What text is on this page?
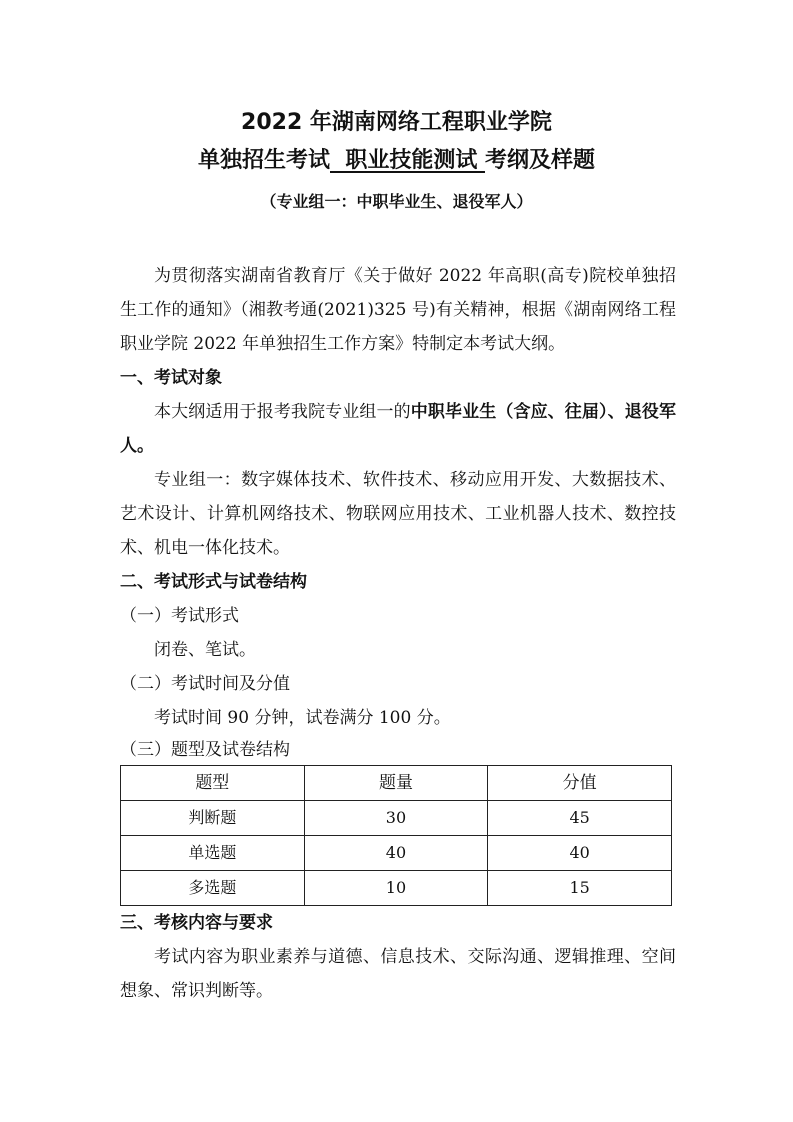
2022 年湖南网络工程职业学院
单独招生考试  职业技能测试 考纲及样题
（专业组一：中职毕业生、退役军人）

为贯彻落实湖南省教育厅《关于做好 2022 年高职(高专)院校单独招生工作的通知》（湘教考通(2021)325 号)有关精神，根据《湖南网络工程职业学院 2022 年单独招生工作方案》特制定本考试大纲。

一、考试对象

本大纲适用于报考我院专业组一的中职毕业生（含应、往届）、退役军人。

专业组一：数字媒体技术、软件技术、移动应用开发、大数据技术、艺术设计、计算机网络技术、物联网应用技术、工业机器人技术、数控技术、机电一体化技术。

二、考试形式与试卷结构

（一）考试形式

闭卷、笔试。

（二）考试时间及分值

考试时间 90 分钟，试卷满分 100 分。

（三）题型及试卷结构

题型	题量	分值
判断题	30	45
单选题	40	40
多选题	10	15

三、考核内容与要求

考试内容为职业素养与道德、信息技术、交际沟通、逻辑推理、空间想象、常识判断等。
